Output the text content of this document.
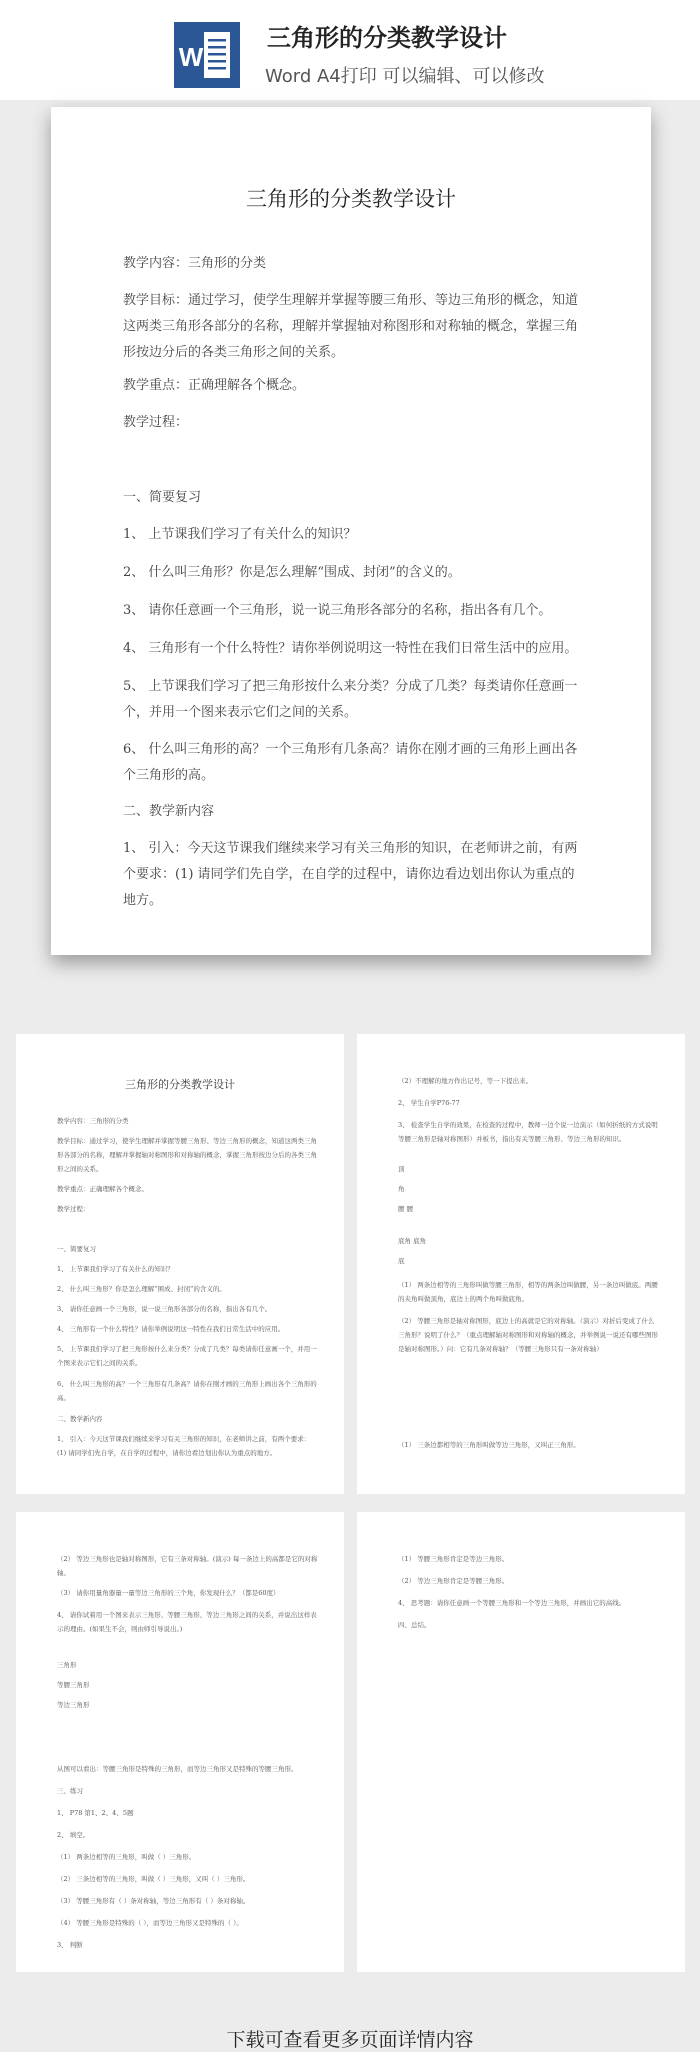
W
三角形的分类教学设计
Word A4打印 可以编辑、可以修改
三角形的分类教学设计
教学内容：三角形的分类
教学目标：通过学习，使学生理解并掌握等腰三角形、等边三角形的概念，知道这两类三角形各部分的名称，理解并掌握轴对称图形和对称轴的概念，掌握三角形按边分后的各类三角形之间的关系。
教学重点：正确理解各个概念。
教学过程：
一、简要复习
1、 上节课我们学习了有关什么的知识？
2、 什么叫三角形？你是怎么理解“围成、封闭”的含义的。
3、 请你任意画一个三角形，说一说三角形各部分的名称，指出各有几个。
4、 三角形有一个什么特性？请你举例说明这一特性在我们日常生活中的应用。
5、 上节课我们学习了把三角形按什么来分类？分成了几类？每类请你任意画一个，并用一个图来表示它们之间的关系。
6、 什么叫三角形的高？一个三角形有几条高？请你在刚才画的三角形上画出各个三角形的高。
二、教学新内容
1、 引入：今天这节课我们继续来学习有关三角形的知识，在老师讲之前，有两个要求：(1) 请同学们先自学，在自学的过程中，请你边看边划出你认为重点的地方。
三角形的分类教学设计
教学内容：三角形的分类
教学目标：通过学习，使学生理解并掌握等腰三角形、等边三角形的概念，知道这两类三角形各部分的名称，理解并掌握轴对称图形和对称轴的概念，掌握三角形按边分后的各类三角形之间的关系。
教学重点：正确理解各个概念。
教学过程：
一、简要复习
1、 上节课我们学习了有关什么的知识？
2、 什么叫三角形？你是怎么理解“围成、封闭”的含义的。
3、 请你任意画一个三角形，说一说三角形各部分的名称，指出各有几个。
4、 三角形有一个什么特性？请你举例说明这一特性在我们日常生活中的应用。
5、 上节课我们学习了把三角形按什么来分类？分成了几类？每类请你任意画一个，并用一个图来表示它们之间的关系。
6、 什么叫三角形的高？一个三角形有几条高？请你在刚才画的三角形上画出各个三角形的高。
二、教学新内容
1、 引入：今天这节课我们继续来学习有关三角形的知识，在老师讲之前，有两个要求：(1) 请同学们先自学，在自学的过程中，请你边看边划出你认为重点的地方。
（2）不理解的地方作出记号，等一下提出来。
2、 学生自学P76-77
3、 检查学生自学的效果，在检查的过程中，教师一边个说一边演示（如何折纸的方式说明等腰三角形是轴对称图形）并板书，指出有关等腰三角形、等边三角形的知识。
顶
角
腰 腰
底角 底角
底
（1） 两条边相等的三角形叫做等腰三角形，相等的两条边叫做腰，另一条边叫做底。两腰的夹角叫做顶角，底边上的两个角叫做底角。
（2） 等腰三角形是轴对称图形，底边上的高就是它的对称轴。（演示）对折后变成了什么三角形？说明了什么？（重点理解轴对称图形和对称轴的概念，并举例说一说还有哪些图形是轴对称图形。）问：它有几条对称轴？（等腰三角形只有一条对称轴）
（1） 三条边都相等的三角形叫做等边三角形，又叫正三角形。
（2） 等边三角形也是轴对称图形，它有三条对称轴。(演示) 每一条边上的高都是它的对称轴。
（3） 请你用量角器量一量等边三角形的三个角，你发现什么？（都是60度）
4、 请你试着用一个图来表示三角形、等腰三角形、等边三角形之间的关系，并说出这样表示的理由。(如果生不会，则由师引导说出。)
三角形
等腰三角形
等边三角形
从图可以看出：等腰三角形是特殊的三角形，而等边三角形又是特殊的等腰三角形。
三、练习
1、 P78 第1、2、4、5题
2、 填空。
（1） 两条边相等的三角形，叫做（ ）三角形。
（2） 三条边相等的三角形，叫做（ ）三角形，又叫（ ）三角形。
（3） 等腰三角形有（ ）条对称轴，等边三角形有（ ）条对称轴。
（4） 等腰三角形是特殊的（ ），而等边三角形又是特殊的（ ）。
3、 判断
（1） 等腰三角形肯定是等边三角形。
（2） 等边三角形肯定是等腰三角形。
4、 思考题：请你任意画一个等腰三角形和一个等边三角形，并画出它的高线。
四、总结。
下载可查看更多页面详情内容
